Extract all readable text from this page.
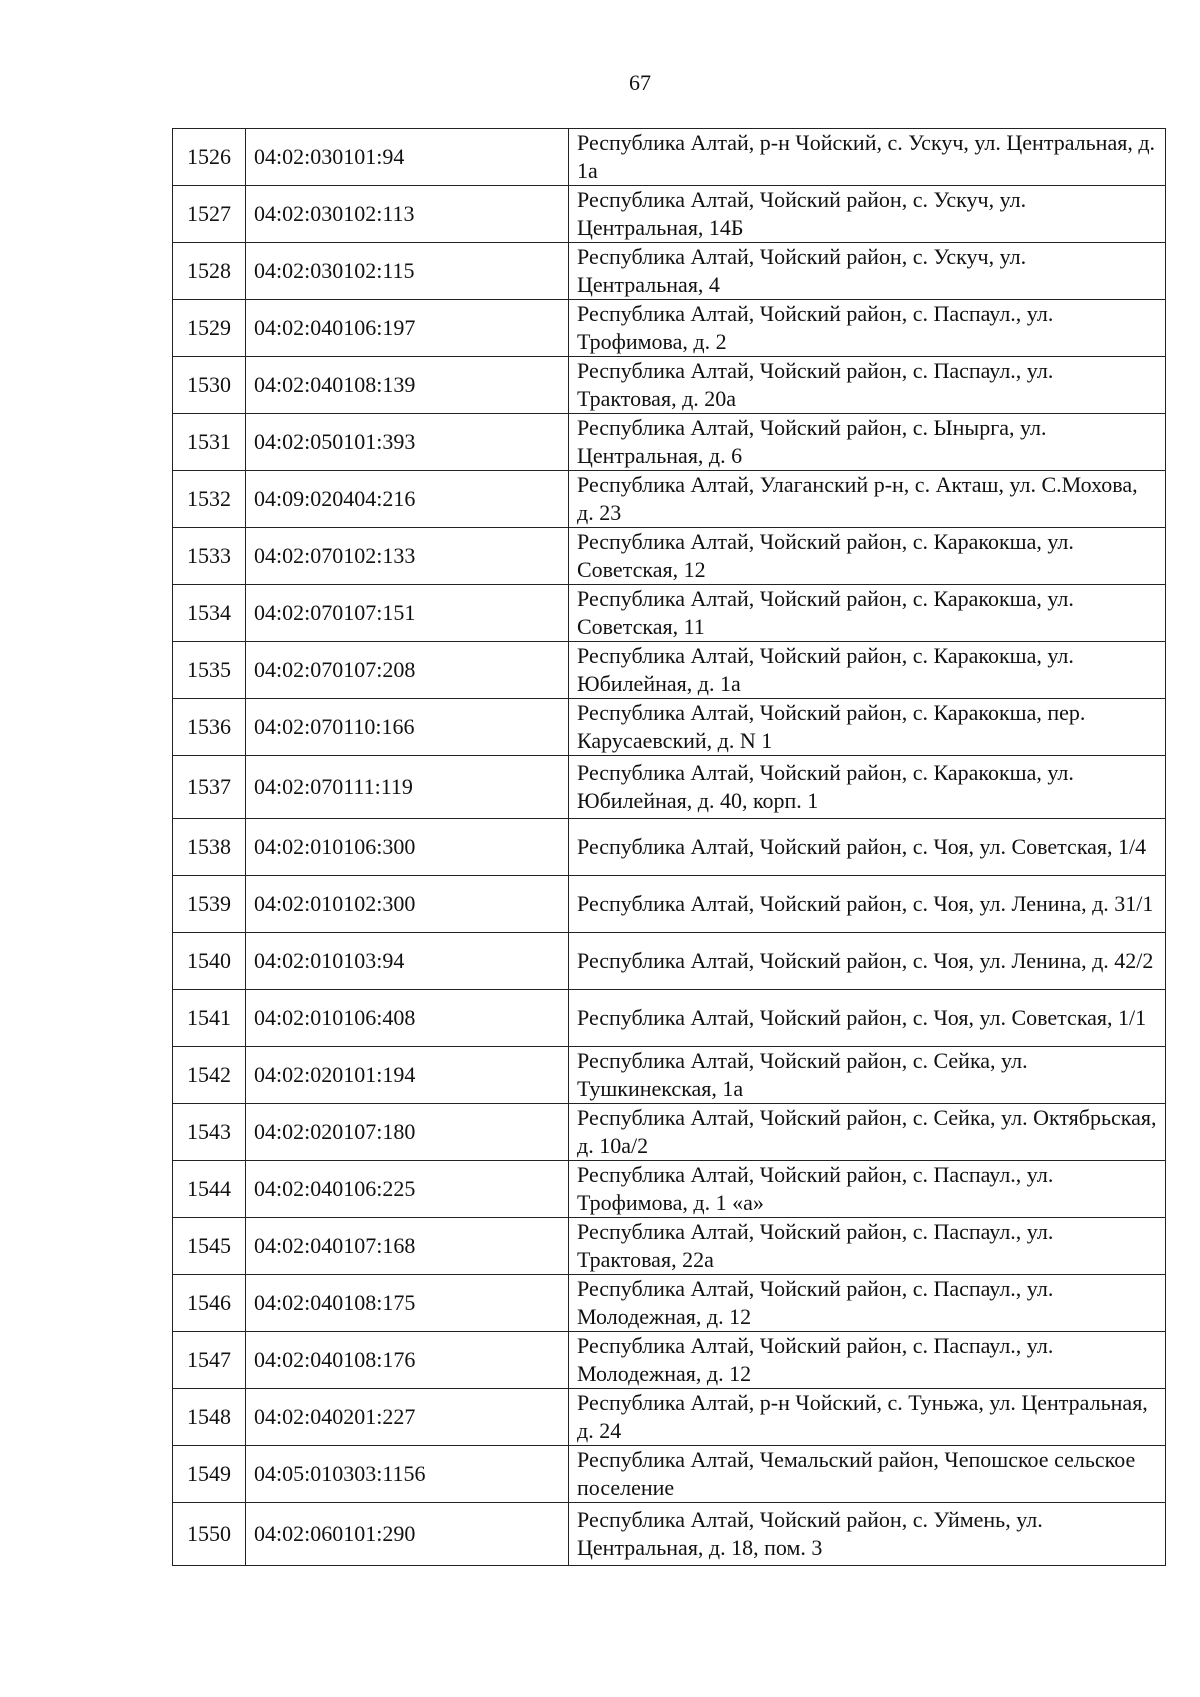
67
1526	04:02:030101:94	Республика Алтай, р-н Чойский, с. Ускуч, ул. Центральная, д. 1а
1527	04:02:030102:113	Республика Алтай, Чойский район, с. Ускуч, ул. Центральная, 14Б
1528	04:02:030102:115	Республика Алтай, Чойский район, с. Ускуч, ул. Центральная, 4
1529	04:02:040106:197	Республика Алтай, Чойский район, с. Паспаул., ул. Трофимова, д. 2
1530	04:02:040108:139	Республика Алтай, Чойский район, с. Паспаул., ул. Трактовая, д. 20а
1531	04:02:050101:393	Республика Алтай, Чойский район, с. Ынырга, ул. Центральная, д. 6
1532	04:09:020404:216	Республика Алтай, Улаганский р-н, с. Акташ, ул. С.Мохова, д. 23
1533	04:02:070102:133	Республика Алтай, Чойский район, с. Каракокша, ул. Советская, 12
1534	04:02:070107:151	Республика Алтай, Чойский район, с. Каракокша, ул. Советская, 11
1535	04:02:070107:208	Республика Алтай, Чойский район, с. Каракокша, ул. Юбилейная, д. 1а
1536	04:02:070110:166	Республика Алтай, Чойский район, с. Каракокша, пер. Карусаевский, д. N 1
1537	04:02:070111:119	Республика Алтай, Чойский район, с. Каракокша, ул. Юбилейная, д. 40, корп. 1
1538	04:02:010106:300	Республика Алтай, Чойский район, с. Чоя, ул. Советская, 1/4
1539	04:02:010102:300	Республика Алтай, Чойский район, с. Чоя, ул. Ленина, д. 31/1
1540	04:02:010103:94	Республика Алтай, Чойский район, с. Чоя, ул. Ленина, д. 42/2
1541	04:02:010106:408	Республика Алтай, Чойский район, с. Чоя, ул. Советская, 1/1
1542	04:02:020101:194	Республика Алтай, Чойский район, с. Сейка, ул. Тушкинекская, 1а
1543	04:02:020107:180	Республика Алтай, Чойский район, с. Сейка, ул. Октябрьская, д. 10а/2
1544	04:02:040106:225	Республика Алтай, Чойский район, с. Паспаул., ул. Трофимова, д. 1 «а»
1545	04:02:040107:168	Республика Алтай, Чойский район, с. Паспаул., ул. Трактовая, 22а
1546	04:02:040108:175	Республика Алтай, Чойский район, с. Паспаул., ул. Молодежная, д. 12
1547	04:02:040108:176	Республика Алтай, Чойский район, с. Паспаул., ул. Молодежная, д. 12
1548	04:02:040201:227	Республика Алтай, р-н Чойский, с. Туньжа, ул. Центральная, д. 24
1549	04:05:010303:1156	Республика Алтай, Чемальский район, Чепошское сельское поселение
1550	04:02:060101:290	Республика Алтай, Чойский район, с. Уймень, ул. Центральная, д. 18, пом. 3
